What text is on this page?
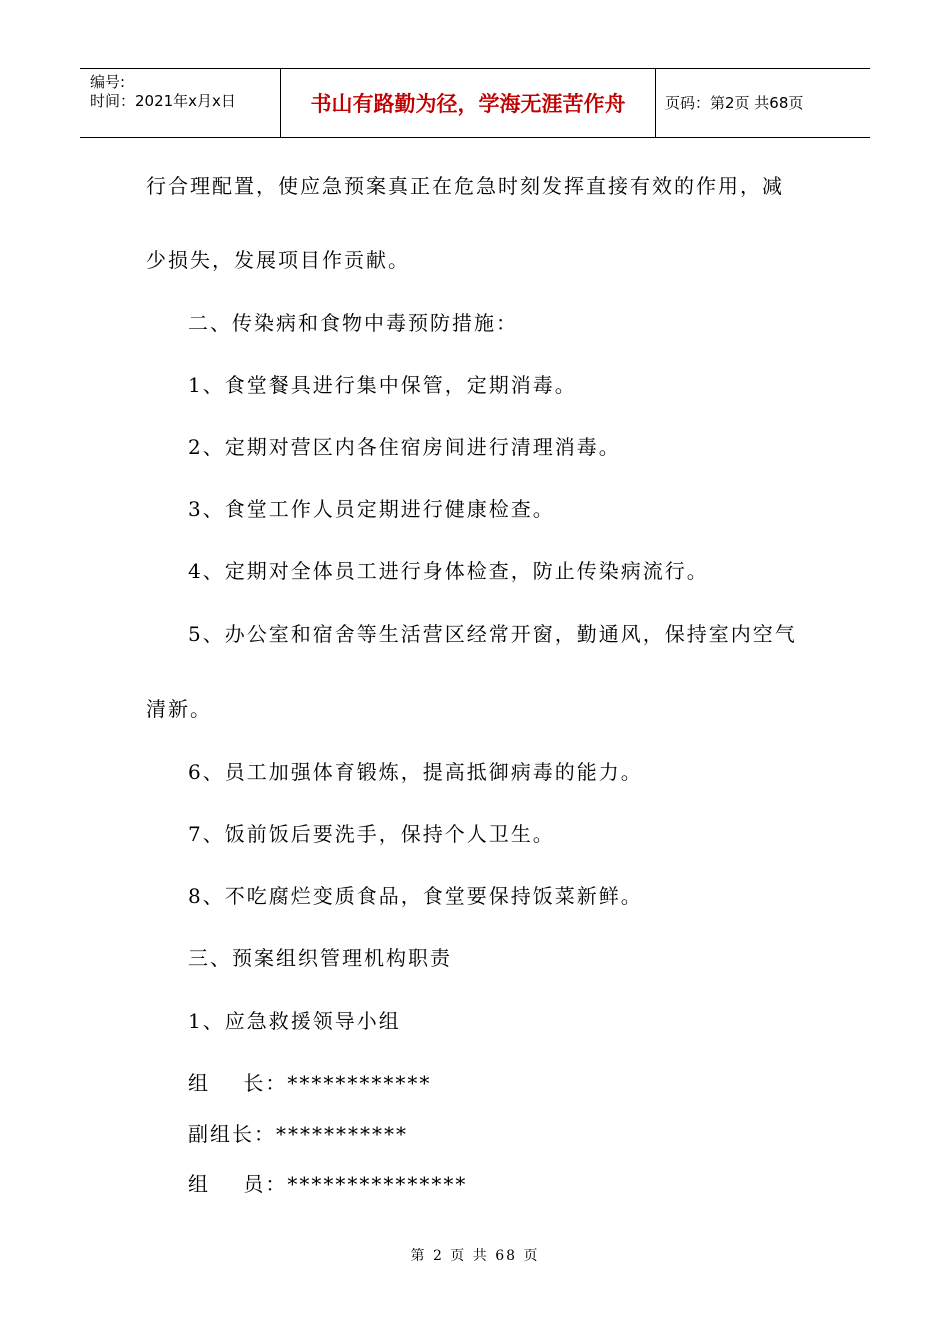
编号:
时间：2021年x月x日	书山有路勤为径，学海无涯苦作舟	页码：第2页 共68页
行合理配置，使应急预案真正在危急时刻发挥直接有效的作用，减
少损失，发展项目作贡献。
二、传染病和食物中毒预防措施：
1、食堂餐具进行集中保管，定期消毒。
2、定期对营区内各住宿房间进行清理消毒。
3、食堂工作人员定期进行健康检查。
4、定期对全体员工进行身体检查，防止传染病流行。
5、办公室和宿舍等生活营区经常开窗，勤通风，保持室内空气
清新。
6、员工加强体育锻炼，提高抵御病毒的能力。
7、饭前饭后要洗手，保持个人卫生。
8、不吃腐烂变质食品，食堂要保持饭菜新鲜。
三、预案组织管理机构职责
1、应急救援领导小组
组    长：************
副组长：***********
组    员：***************
第 2 页 共 68 页
